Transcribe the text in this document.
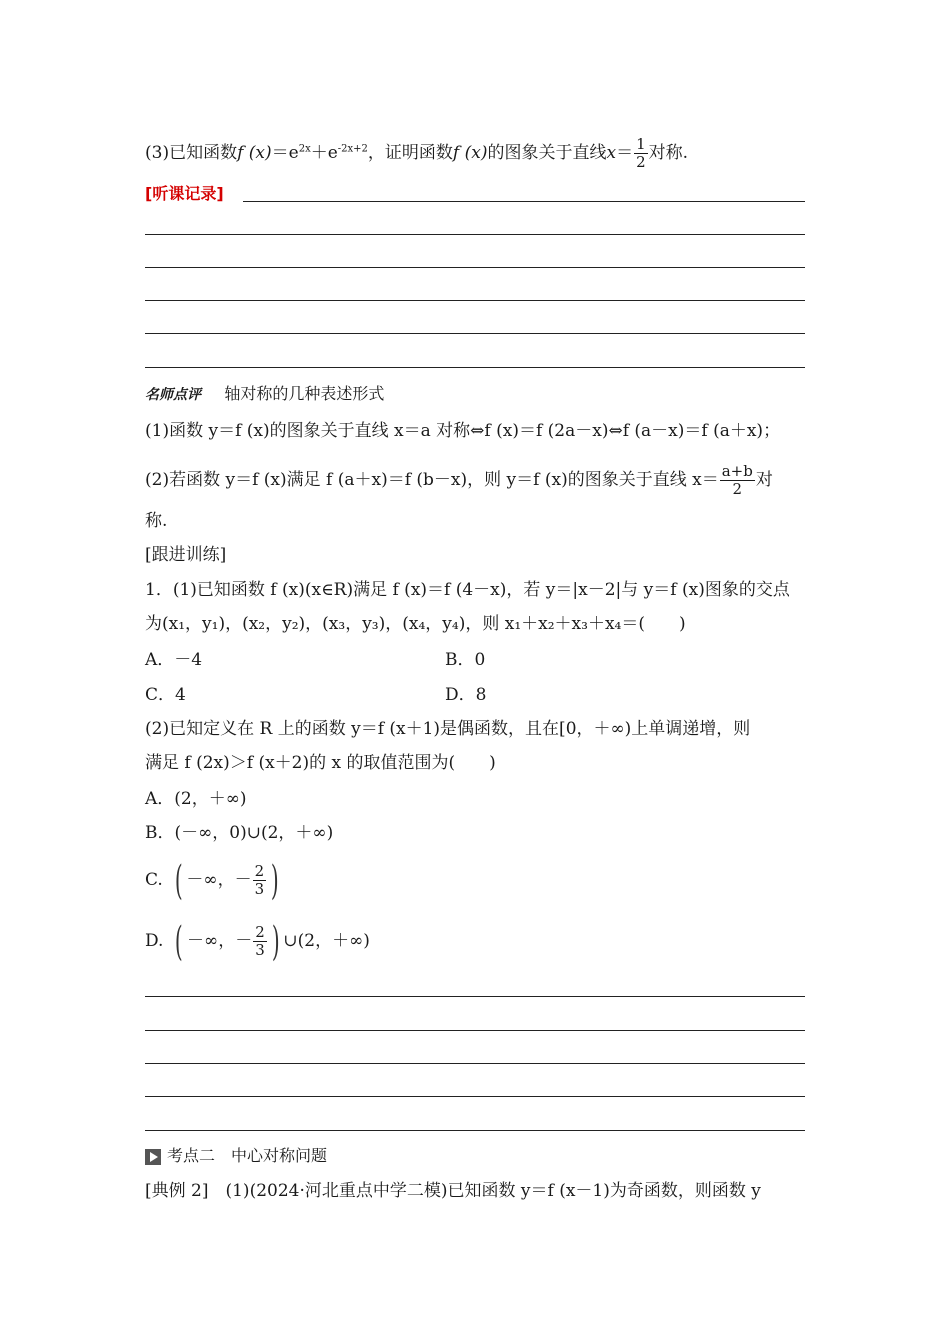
(3)已知函数f $(x)=e^{2x}+e^{-2x+2}$，证明函数f (x)的图象关于直线$x= \frac{1}{2}$ 对称.
[听课记录]
名师点评 轴对称的几种表述形式
(1)函数 y＝f (x)的图象关于直线 x＝a 对称⇔f (x)＝f (2a－x)⇔f (a－x)＝f (a＋x)；
(2)若函数 y＝f (x)满足 f (a＋x)＝f (b－x)，则 y＝f (x)的图象关于直线 $x= \frac{a+b}{2}$ 对
称.
[跟进训练]
1．(1)已知函数 f (x)(x∈R)满足 f (x)＝f (4－x)，若 y＝|x－2|与 y＝f (x)图象的交点
为(x₁，y₁)，(x₂，y₂)，(x₃，y₃)，(x₄，y₄)，则 x₁＋x₂＋x₃＋x₄＝(　　)
A．－4	B．0
C．4	D．8
(2)已知定义在 R 上的函数 y＝f (x＋1)是偶函数，且在[0，＋∞)上单调递增，则
满足 f (2x)＞f (x＋2)的 x 的取值范围为(　　)
A．(2，＋∞)
B．(－∞，0)∪(2，＋∞)
C. ( －∞，－ $\frac{2}{3}$ )
D. ( －∞，－ $\frac{2}{3}$ ) ∪(2，＋∞)
考点二　中心对称问题
[典例 2]　(1)(2024·河北重点中学二模)已知函数 y＝f (x－1)为奇函数，则函数 y
